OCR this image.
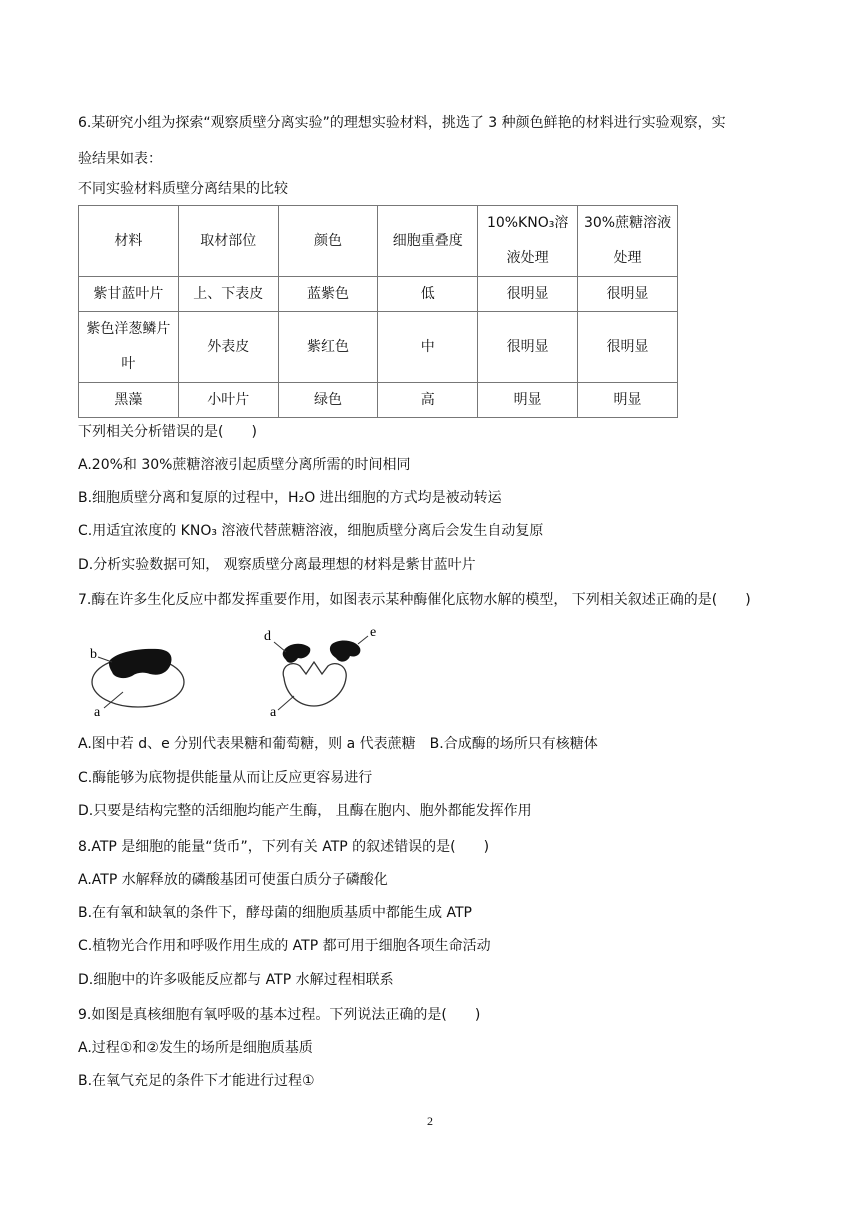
6.某研究小组为探索“观察质壁分离实验”的理想实验材料，挑选了 3 种颜色鲜艳的材料进行实验观察，实
验结果如表：
不同实验材料质壁分离结果的比较
材料	取材部位	颜色	细胞重叠度	10%KNO₃溶液处理	30%蔗糖溶液处理
紫甘蓝叶片	上、下表皮	蓝紫色	低	很明显	很明显
紫色洋葱鳞片叶	外表皮	紫红色	中	很明显	很明显
黑藻	小叶片	绿色	高	明显	明显
下列相关分析错误的是(　　)
A.20%和 30%蔗糖溶液引起质壁分离所需的时间相同
B.细胞质壁分离和复原的过程中，H₂O 进出细胞的方式均是被动转运
C.用适宜浓度的 KNO₃ 溶液代替蔗糖溶液，细胞质壁分离后会发生自动复原
D.分析实验数据可知， 观察质壁分离最理想的材料是紫甘蓝叶片
7.酶在许多生化反应中都发挥重要作用，如图表示某种酶催化底物水解的模型， 下列相关叙述正确的是(　　)
b
a
d	e
a
A.图中若 d、e 分别代表果糖和葡萄糖，则 a 代表蔗糖　B.合成酶的场所只有核糖体
C.酶能够为底物提供能量从而让反应更容易进行
D.只要是结构完整的活细胞均能产生酶， 且酶在胞内、胞外都能发挥作用
8.ATP 是细胞的能量“货币”，下列有关 ATP 的叙述错误的是(　　)
A.ATP 水解释放的磷酸基团可使蛋白质分子磷酸化
B.在有氧和缺氧的条件下，酵母菌的细胞质基质中都能生成 ATP
C.植物光合作用和呼吸作用生成的 ATP 都可用于细胞各项生命活动
D.细胞中的许多吸能反应都与 ATP 水解过程相联系
9.如图是真核细胞有氧呼吸的基本过程。下列说法正确的是(　　)
A.过程①和②发生的场所是细胞质基质
B.在氧气充足的条件下才能进行过程①
2
